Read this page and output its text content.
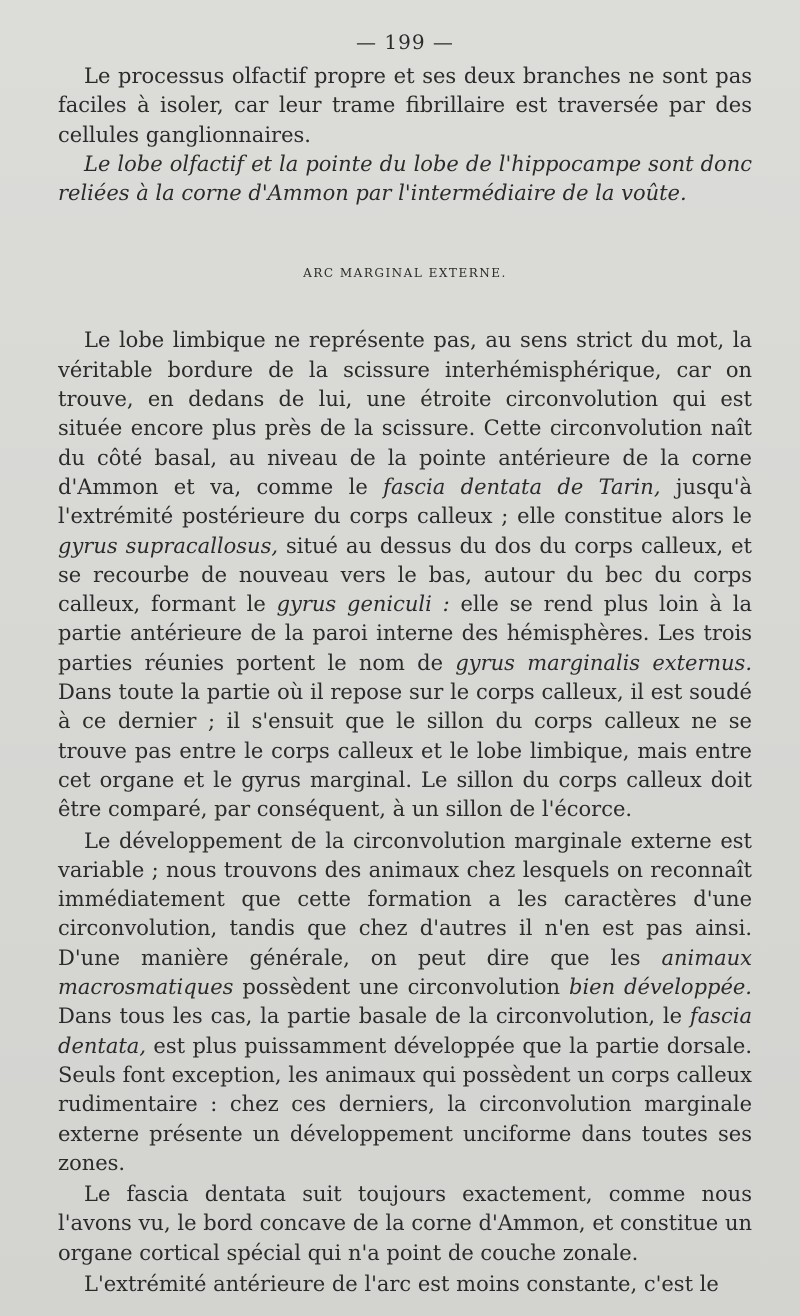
— 199 —

Le processus olfactif propre et ses deux branches ne sont pas faciles à isoler, car leur trame fibrillaire est traversée par des cellules ganglionnaires.

Le lobe olfactif et la pointe du lobe de l'hippocampe sont donc reliées à la corne d'Ammon par l'intermédiaire de la voûte.

ARC MARGINAL EXTERNE.

Le lobe limbique ne représente pas, au sens strict du mot, la véritable bordure de la scissure interhémisphérique, car on trouve, en dedans de lui, une étroite circonvolution qui est située encore plus près de la scissure. Cette circonvolution naît du côté basal, au niveau de la pointe antérieure de la corne d'Ammon et va, comme le fascia dentata de Tarin, jusqu'à l'extrémité postérieure du corps calleux ; elle constitue alors le gyrus supracallosus, situé au dessus du dos du corps calleux, et se recourbe de nouveau vers le bas, autour du bec du corps calleux, formant le gyrus geniculi : elle se rend plus loin à la partie antérieure de la paroi interne des hémisphères. Les trois parties réunies portent le nom de gyrus marginalis externus. Dans toute la partie où il repose sur le corps calleux, il est soudé à ce dernier ; il s'ensuit que le sillon du corps calleux ne se trouve pas entre le corps calleux et le lobe limbique, mais entre cet organe et le gyrus marginal. Le sillon du corps calleux doit être comparé, par conséquent, à un sillon de l'écorce.

Le développement de la circonvolution marginale externe est variable ; nous trouvons des animaux chez lesquels on reconnaît immédiatement que cette formation a les caractères d'une circonvolution, tandis que chez d'autres il n'en est pas ainsi. D'une manière générale, on peut dire que les animaux macrosmatiques possèdent une circonvolution bien développée. Dans tous les cas, la partie basale de la circonvolution, le fascia dentata, est plus puissamment développée que la partie dorsale. Seuls font exception, les animaux qui possèdent un corps calleux rudimentaire : chez ces derniers, la circonvolution marginale externe présente un développement unciforme dans toutes ses zones.

Le fascia dentata suit toujours exactement, comme nous l'avons vu, le bord concave de la corne d'Ammon, et constitue un organe cortical spécial qui n'a point de couche zonale.

L'extrémité antérieure de l'arc est moins constante, c'est le
